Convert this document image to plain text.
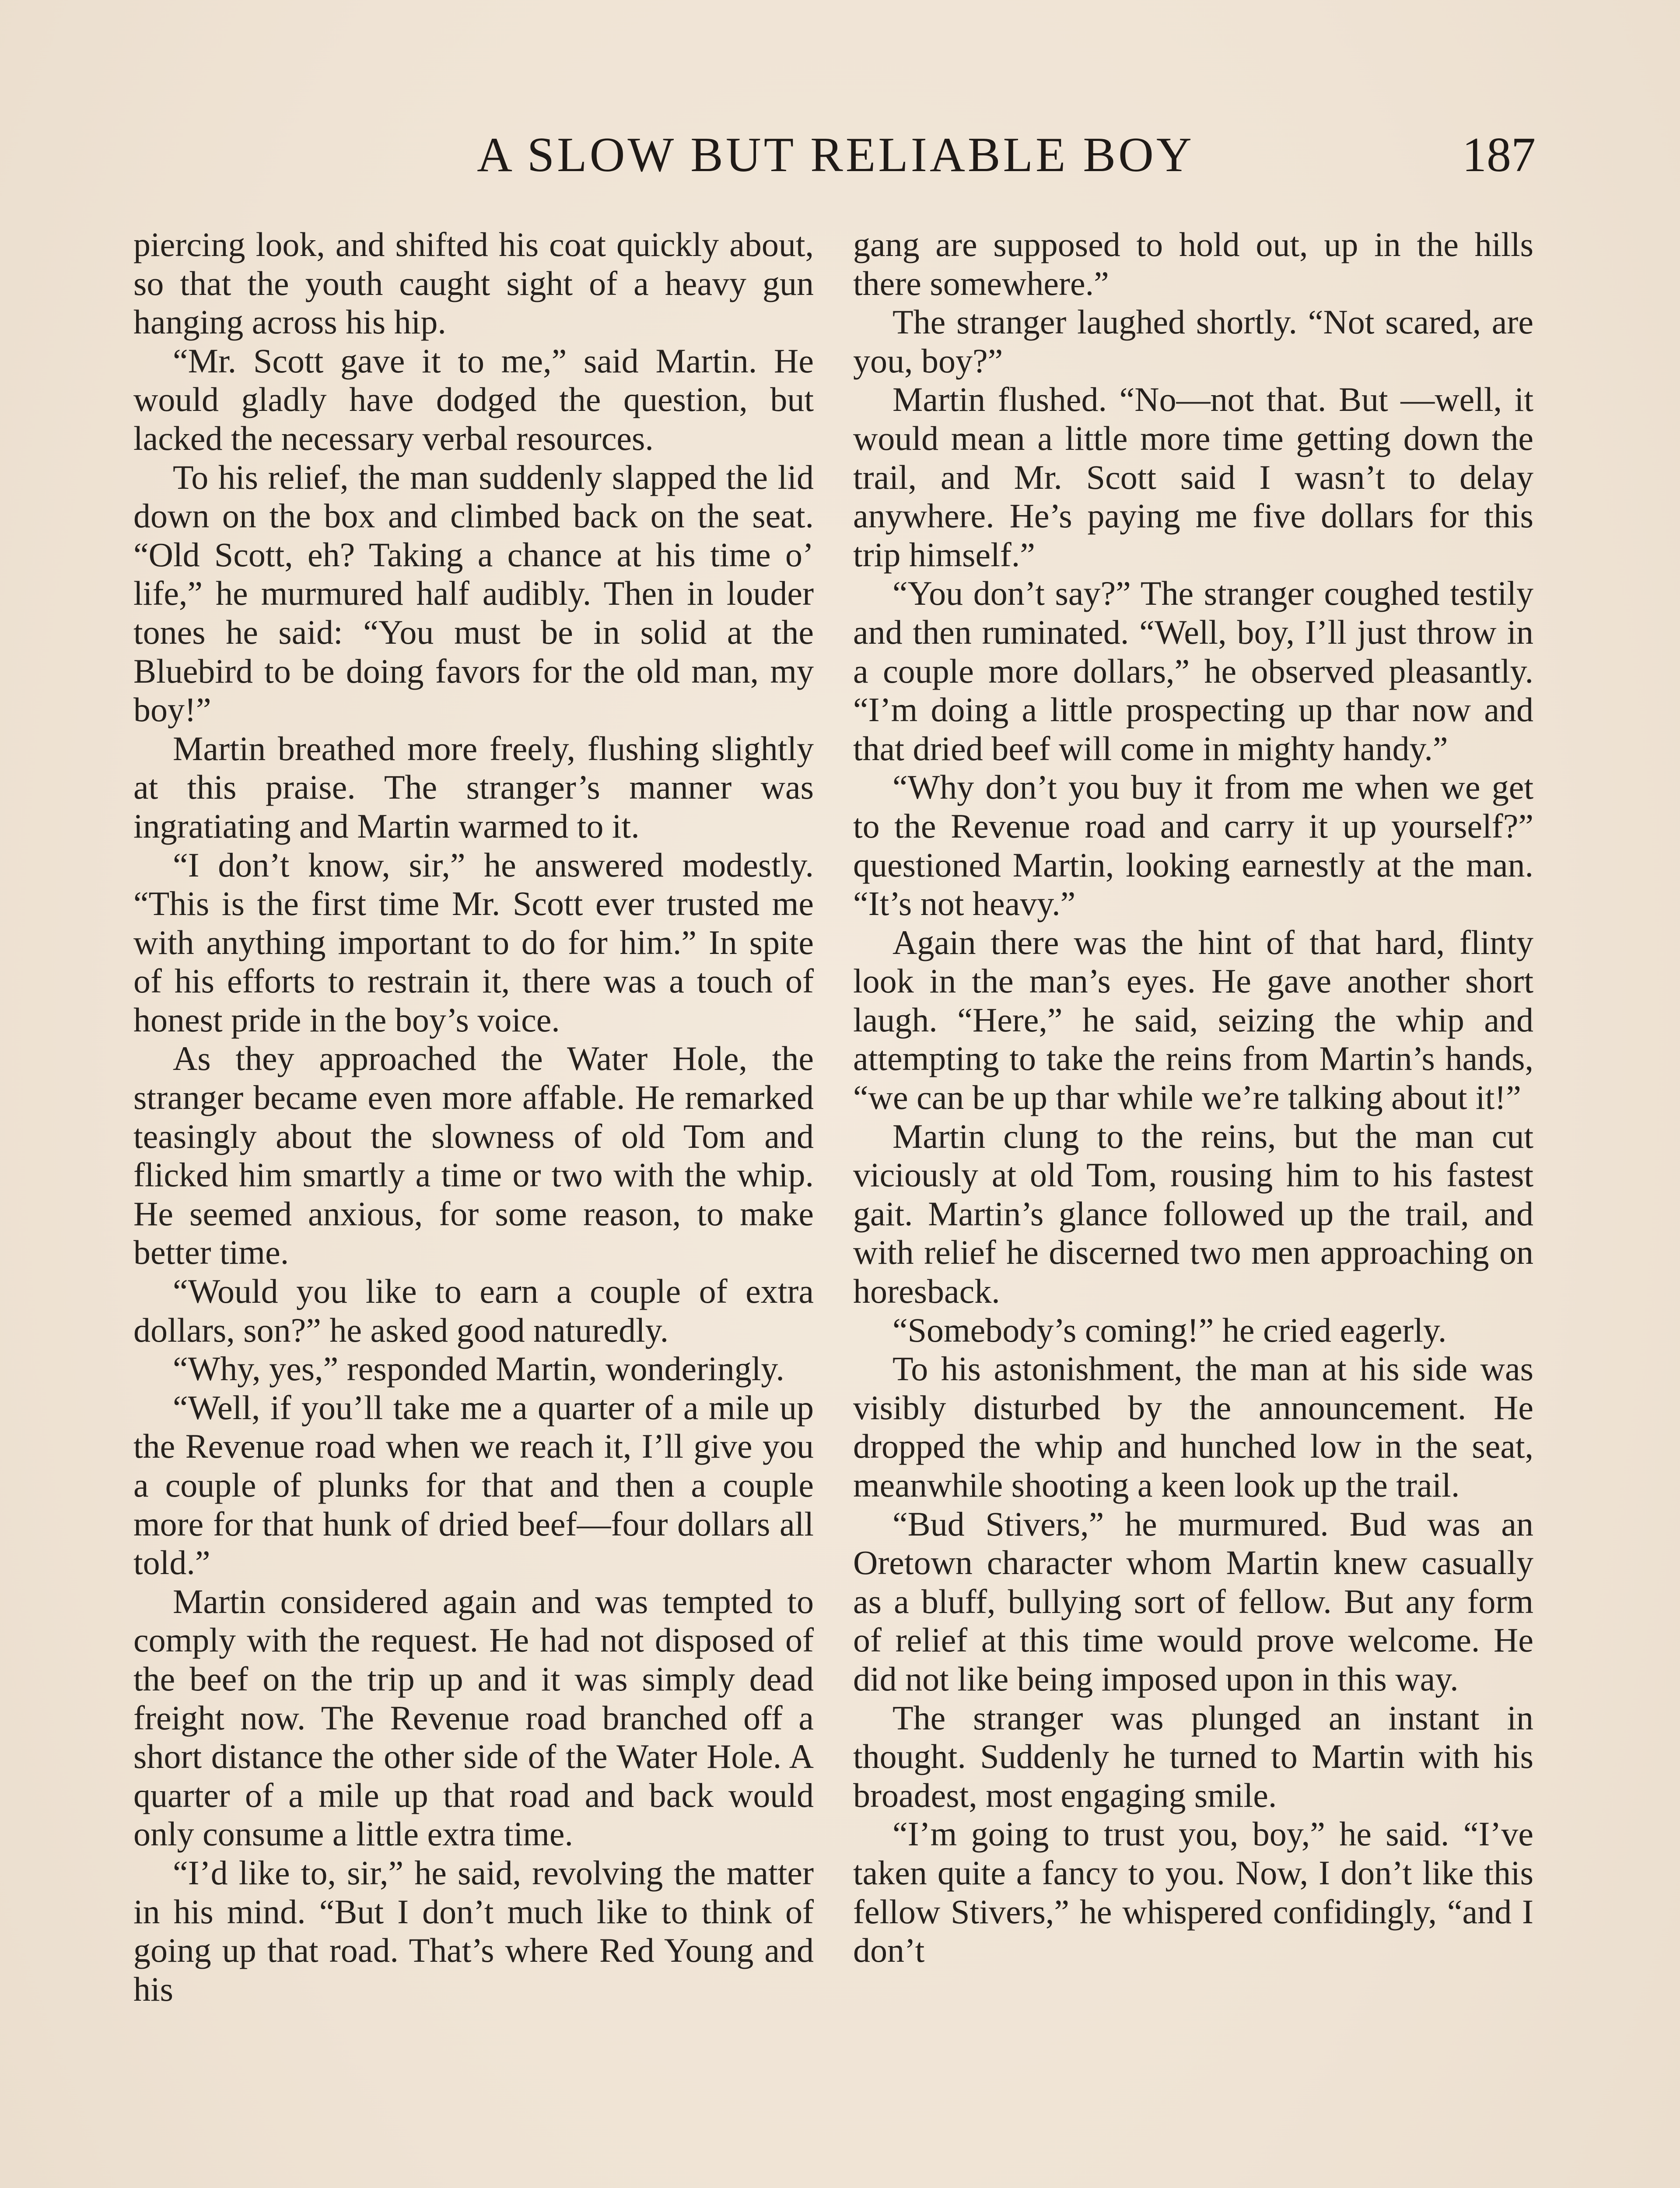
A SLOW BUT RELIABLE BOY	187

piercing look, and shifted his coat quickly about, so that the youth caught sight of a heavy gun hanging across his hip.

“Mr. Scott gave it to me,” said Martin. He would gladly have dodged the question, but lacked the necessary verbal resources.

To his relief, the man suddenly slapped the lid down on the box and climbed back on the seat. “Old Scott, eh? Taking a chance at his time o’ life,” he murmured half audibly. Then in louder tones he said: “You must be in solid at the Bluebird to be doing favors for the old man, my boy!”

Martin breathed more freely, flushing slightly at this praise. The stranger’s manner was ingratiating and Martin warmed to it.

“I don’t know, sir,” he answered modestly. “This is the first time Mr. Scott ever trusted me with anything important to do for him.” In spite of his efforts to restrain it, there was a touch of honest pride in the boy’s voice.

As they approached the Water Hole, the stranger became even more affable. He remarked teasingly about the slowness of old Tom and flicked him smartly a time or two with the whip. He seemed anxious, for some reason, to make better time.

“Would you like to earn a couple of extra dollars, son?” he asked good naturedly.

“Why, yes,” responded Martin, wonderingly.

“Well, if you’ll take me a quarter of a mile up the Revenue road when we reach it, I’ll give you a couple of plunks for that and then a couple more for that hunk of dried beef—four dollars all told.”

Martin considered again and was tempted to comply with the request. He had not disposed of the beef on the trip up and it was simply dead freight now. The Revenue road branched off a short distance the other side of the Water Hole. A quarter of a mile up that road and back would only consume a little extra time.

“I’d like to, sir,” he said, revolving the matter in his mind. “But I don’t much like to think of going up that road. That’s where Red Young and his

gang are supposed to hold out, up in the hills there somewhere.”

The stranger laughed shortly. “Not scared, are you, boy?”

Martin flushed. “No—not that. But —well, it would mean a little more time getting down the trail, and Mr. Scott said I wasn’t to delay anywhere. He’s paying me five dollars for this trip himself.”

“You don’t say?” The stranger coughed testily and then ruminated. “Well, boy, I’ll just throw in a couple more dollars,” he observed pleasantly. “I’m doing a little prospecting up thar now and that dried beef will come in mighty handy.”

“Why don’t you buy it from me when we get to the Revenue road and carry it up yourself?” questioned Martin, looking earnestly at the man. “It’s not heavy.”

Again there was the hint of that hard, flinty look in the man’s eyes. He gave another short laugh. “Here,” he said, seizing the whip and attempting to take the reins from Martin’s hands, “we can be up thar while we’re talking about it!”

Martin clung to the reins, but the man cut viciously at old Tom, rousing him to his fastest gait. Martin’s glance followed up the trail, and with relief he discerned two men approaching on horesback.

“Somebody’s coming!” he cried eagerly.

To his astonishment, the man at his side was visibly disturbed by the announcement. He dropped the whip and hunched low in the seat, meanwhile shooting a keen look up the trail.

“Bud Stivers,” he murmured. Bud was an Oretown character whom Martin knew casually as a bluff, bullying sort of fellow. But any form of relief at this time would prove welcome. He did not like being imposed upon in this way.

The stranger was plunged an instant in thought. Suddenly he turned to Martin with his broadest, most engaging smile.

“I’m going to trust you, boy,” he said. “I’ve taken quite a fancy to you. Now, I don’t like this fellow Stivers,” he whispered confidingly, “and I don’t
